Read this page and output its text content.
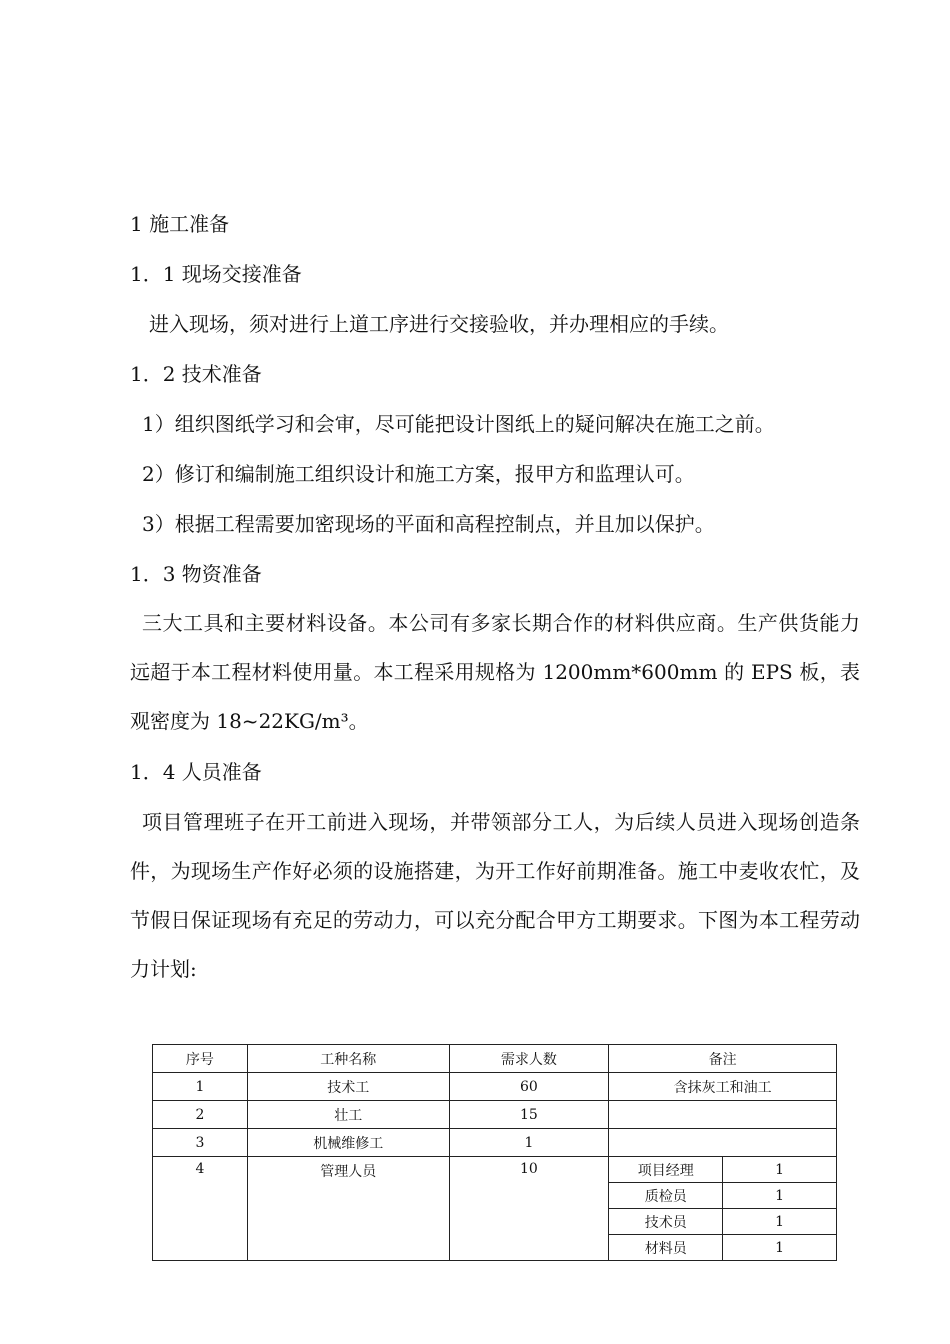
1 施工准备
1．1 现场交接准备
进入现场，须对进行上道工序进行交接验收，并办理相应的手续。
1．2 技术准备
1）组织图纸学习和会审，尽可能把设计图纸上的疑问解决在施工之前。
2）修订和编制施工组织设计和施工方案，报甲方和监理认可。
3）根据工程需要加密现场的平面和高程控制点，并且加以保护。
1．3 物资准备
三大工具和主要材料设备。本公司有多家长期合作的材料供应商。生产供货能力远超于本工程材料使用量。本工程采用规格为 1200mm*600mm 的 EPS 板，表观密度为 18~22KG/m³。
1．4 人员准备
项目管理班子在开工前进入现场，并带领部分工人，为后续人员进入现场创造条件，为现场生产作好必须的设施搭建，为开工作好前期准备。施工中麦收农忙，及节假日保证现场有充足的劳动力，可以充分配合甲方工期要求。下图为本工程劳动力计划:
序号	工种名称	需求人数	备注	
1	技术工	60	含抹灰工和油工	
2	壮工	15		
3	机械维修工	1		
4	管理人员	10	项目经理	1
			质检员	1
			技术员	1
			材料员	1
